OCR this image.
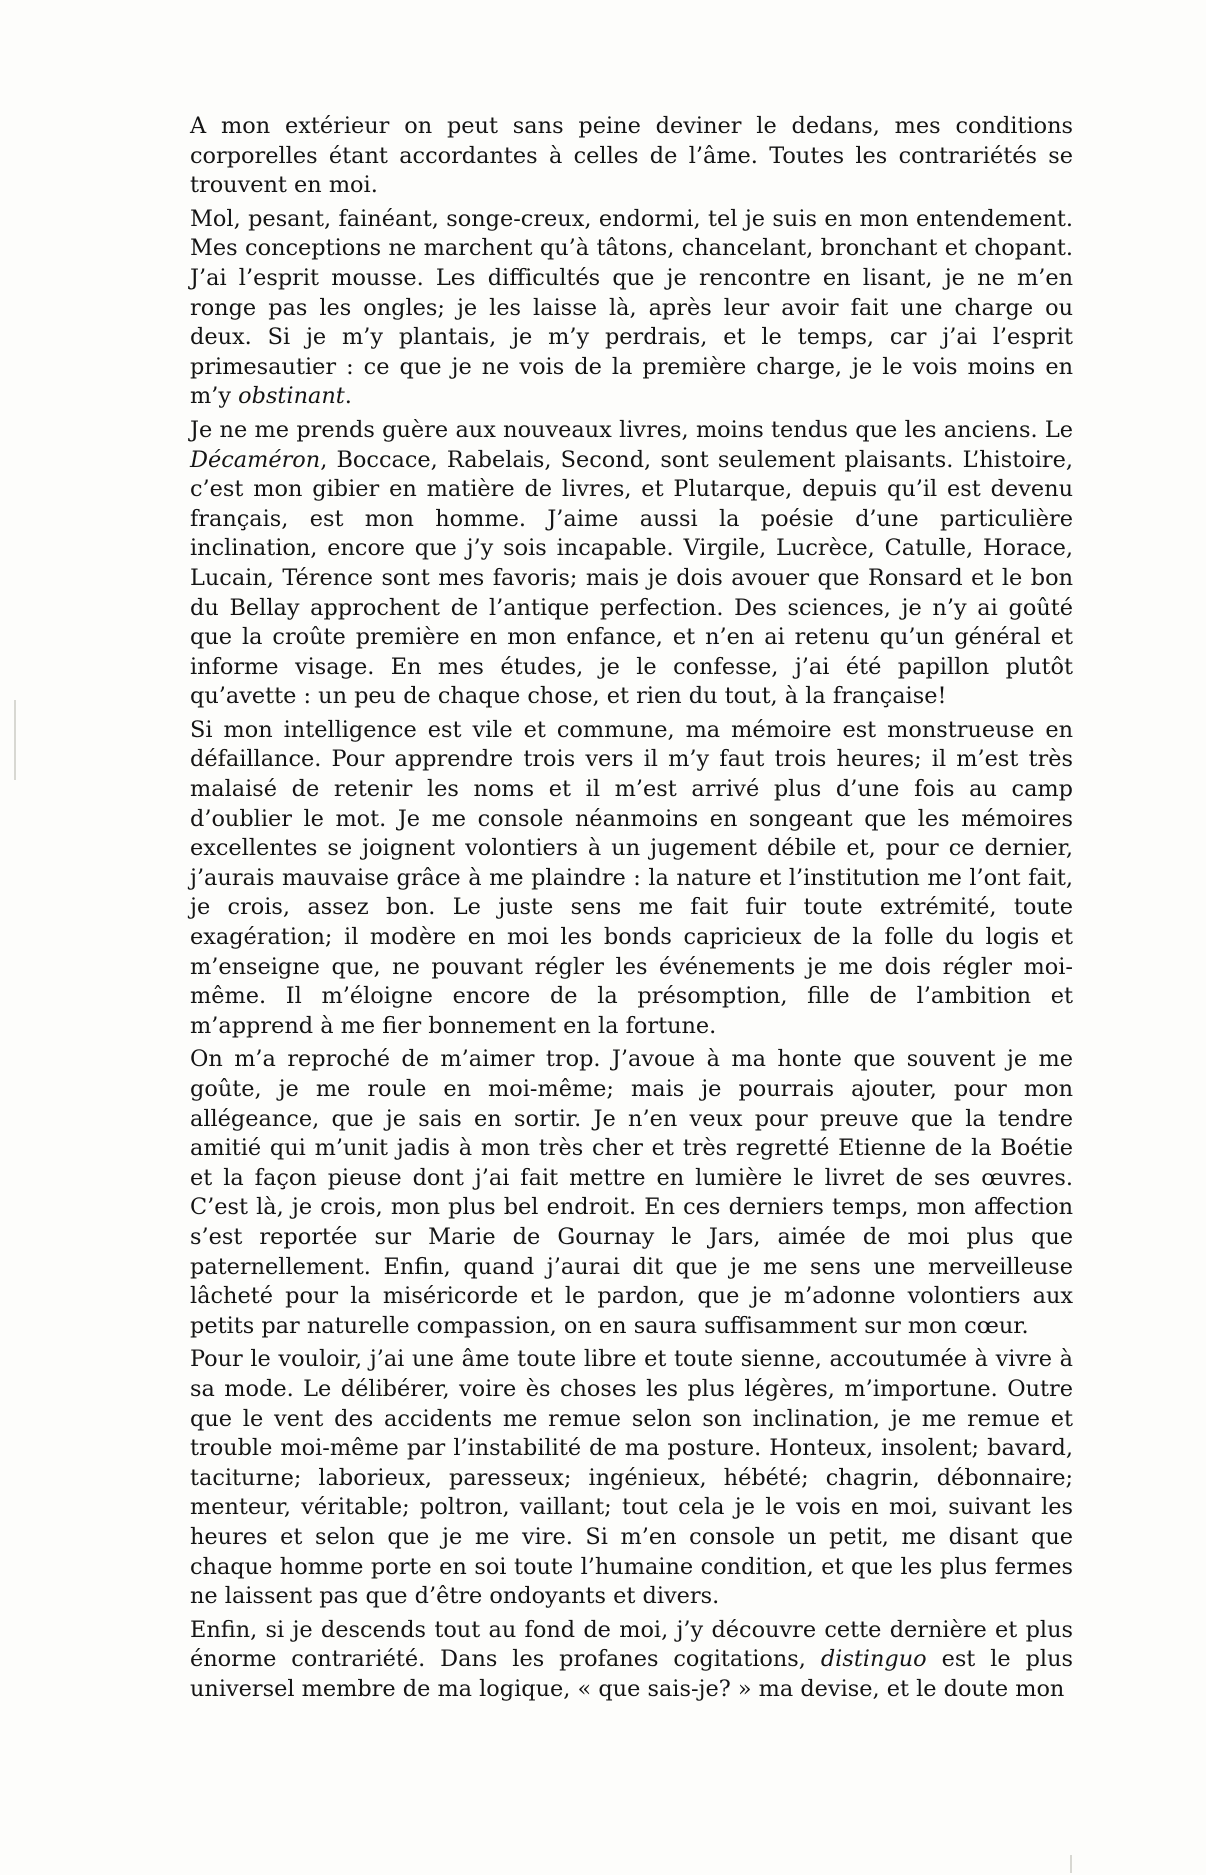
A mon extérieur on peut sans peine deviner le dedans, mes conditions corporelles étant accordantes à celles de l’âme. Toutes les contrariétés se trouvent en moi.

Mol, pesant, fainéant, songe-creux, endormi, tel je suis en mon entendement. Mes conceptions ne marchent qu’à tâtons, chancelant, bronchant et chopant. J’ai l’esprit mousse. Les difficultés que je rencontre en lisant, je ne m’en ronge pas les ongles; je les laisse là, après leur avoir fait une charge ou deux. Si je m’y plantais, je m’y perdrais, et le temps, car j’ai l’esprit primesautier : ce que je ne vois de la première charge, je le vois moins en m’y obstinant.

Je ne me prends guère aux nouveaux livres, moins tendus que les anciens. Le Décaméron, Boccace, Rabelais, Second, sont seulement plaisants. L’histoire, c’est mon gibier en matière de livres, et Plutarque, depuis qu’il est devenu français, est mon homme. J’aime aussi la poésie d’une particulière inclination, encore que j’y sois incapable. Virgile, Lucrèce, Catulle, Horace, Lucain, Térence sont mes favoris; mais je dois avouer que Ronsard et le bon du Bellay approchent de l’antique perfection. Des sciences, je n’y ai goûté que la croûte première en mon enfance, et n’en ai retenu qu’un général et informe visage. En mes études, je le confesse, j’ai été papillon plutôt qu’avette : un peu de chaque chose, et rien du tout, à la française!

Si mon intelligence est vile et commune, ma mémoire est monstrueuse en défaillance. Pour apprendre trois vers il m’y faut trois heures; il m’est très malaisé de retenir les noms et il m’est arrivé plus d’une fois au camp d’oublier le mot. Je me console néanmoins en songeant que les mémoires excellentes se joignent volontiers à un jugement débile et, pour ce dernier, j’aurais mauvaise grâce à me plaindre : la nature et l’institution me l’ont fait, je crois, assez bon. Le juste sens me fait fuir toute extrémité, toute exagération; il modère en moi les bonds capricieux de la folle du logis et m’enseigne que, ne pouvant régler les événements je me dois régler moi-même. Il m’éloigne encore de la présomption, fille de l’ambition et m’apprend à me fier bonnement en la fortune.

On m’a reproché de m’aimer trop. J’avoue à ma honte que souvent je me goûte, je me roule en moi-même; mais je pourrais ajouter, pour mon allégeance, que je sais en sortir. Je n’en veux pour preuve que la tendre amitié qui m’unit jadis à mon très cher et très regretté Etienne de la Boétie et la façon pieuse dont j’ai fait mettre en lumière le livret de ses œuvres. C’est là, je crois, mon plus bel endroit. En ces derniers temps, mon affection s’est reportée sur Marie de Gournay le Jars, aimée de moi plus que paternellement. Enfin, quand j’aurai dit que je me sens une merveilleuse lâcheté pour la miséricorde et le pardon, que je m’adonne volontiers aux petits par naturelle compassion, on en saura suffisamment sur mon cœur.

Pour le vouloir, j’ai une âme toute libre et toute sienne, accoutumée à vivre à sa mode. Le délibérer, voire ès choses les plus légères, m’importune. Outre que le vent des accidents me remue selon son inclination, je me remue et trouble moi-même par l’instabilité de ma posture. Honteux, insolent; bavard, taciturne; laborieux, paresseux; ingénieux, hébété; chagrin, débonnaire; menteur, véritable; poltron, vaillant; tout cela je le vois en moi, suivant les heures et selon que je me vire. Si m’en console un petit, me disant que chaque homme porte en soi toute l’humaine condition, et que les plus fermes ne laissent pas que d’être ondoyants et divers.

Enfin, si je descends tout au fond de moi, j’y découvre cette dernière et plus énorme contrariété. Dans les profanes cogitations, distinguo est le plus universel membre de ma logique, « que sais-je? » ma devise, et le doute mon
